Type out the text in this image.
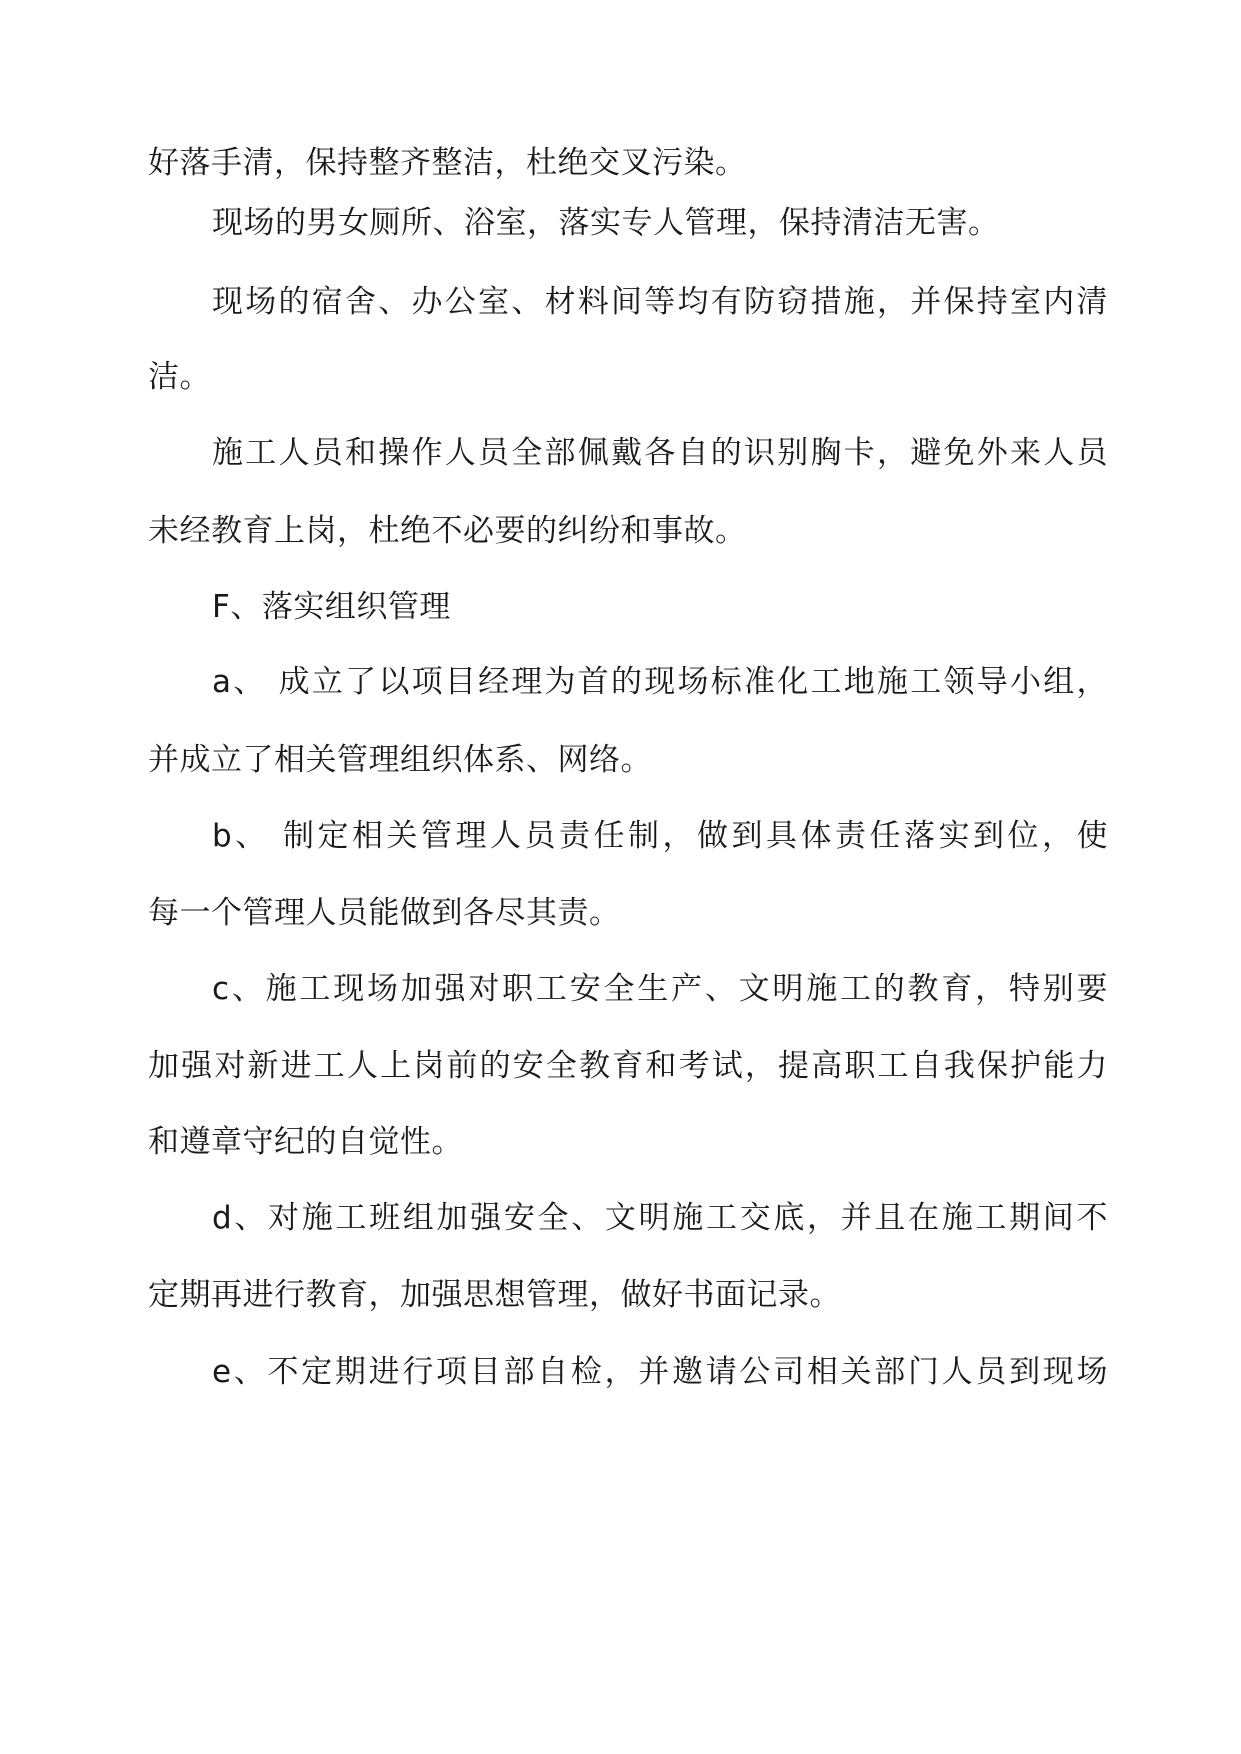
好落手清，保持整齐整洁，杜绝交叉污染。
现场的男女厕所、浴室，落实专人管理，保持清洁无害。
现场的宿舍、办公室、材料间等均有防窃措施，并保持室内清
洁。
施工人员和操作人员全部佩戴各自的识别胸卡，避免外来人员
未经教育上岗，杜绝不必要的纠纷和事故。
F、落实组织管理
a、 成立了以项目经理为首的现场标准化工地施工领导小组，
并成立了相关管理组织体系、网络。
b、 制定相关管理人员责任制，做到具体责任落实到位，使
每一个管理人员能做到各尽其责。
c、施工现场加强对职工安全生产、文明施工的教育，特别要
加强对新进工人上岗前的安全教育和考试，提高职工自我保护能力
和遵章守纪的自觉性。
d、对施工班组加强安全、文明施工交底，并且在施工期间不
定期再进行教育，加强思想管理，做好书面记录。
e、不定期进行项目部自检，并邀请公司相关部门人员到现场
